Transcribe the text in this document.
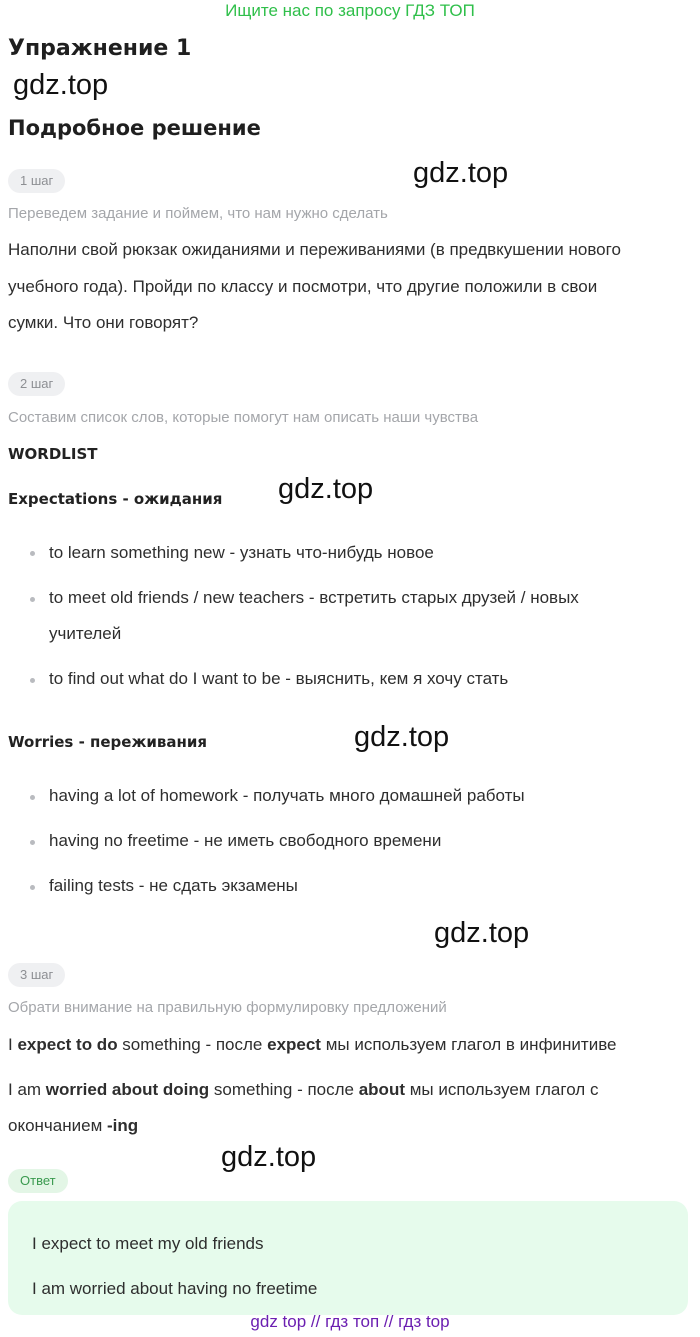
Ищите нас по запросу ГДЗ ТОП
Упражнение 1
gdz.top
Подробное решение
gdz.top
1 шаг
Переведем задание и поймем, что нам нужно сделать
Наполни свой рюкзак ожиданиями и переживаниями (в предвкушении нового
учебного года). Пройди по классу и посмотри, что другие положили в свои
сумки. Что они говорят?
2 шаг
Составим список слов, которые помогут нам описать наши чувства
WORDLIST
Expectations - ожидания gdz.top
to learn something new - узнать что-нибудь новое
to meet old friends / new teachers - встретить старых друзей / новых
учителей
to find out what do I want to be - выяснить, кем я хочу стать
Worries - переживания	gdz.top
having a lot of homework - получать много домашней работы
having no freetime - не иметь свободного времени
failing tests - не сдать экзамены
gdz.top
3 шаг
Обрати внимание на правильную формулировку предложений
I expect to do something - после expect мы используем глагол в инфинитиве
I am worried about doing something - после about мы используем глагол с
окончанием -ing
gdz.top
Ответ
I expect to meet my old friends
I am worried about having no freetime
gdz top // гдз топ // гдз top
